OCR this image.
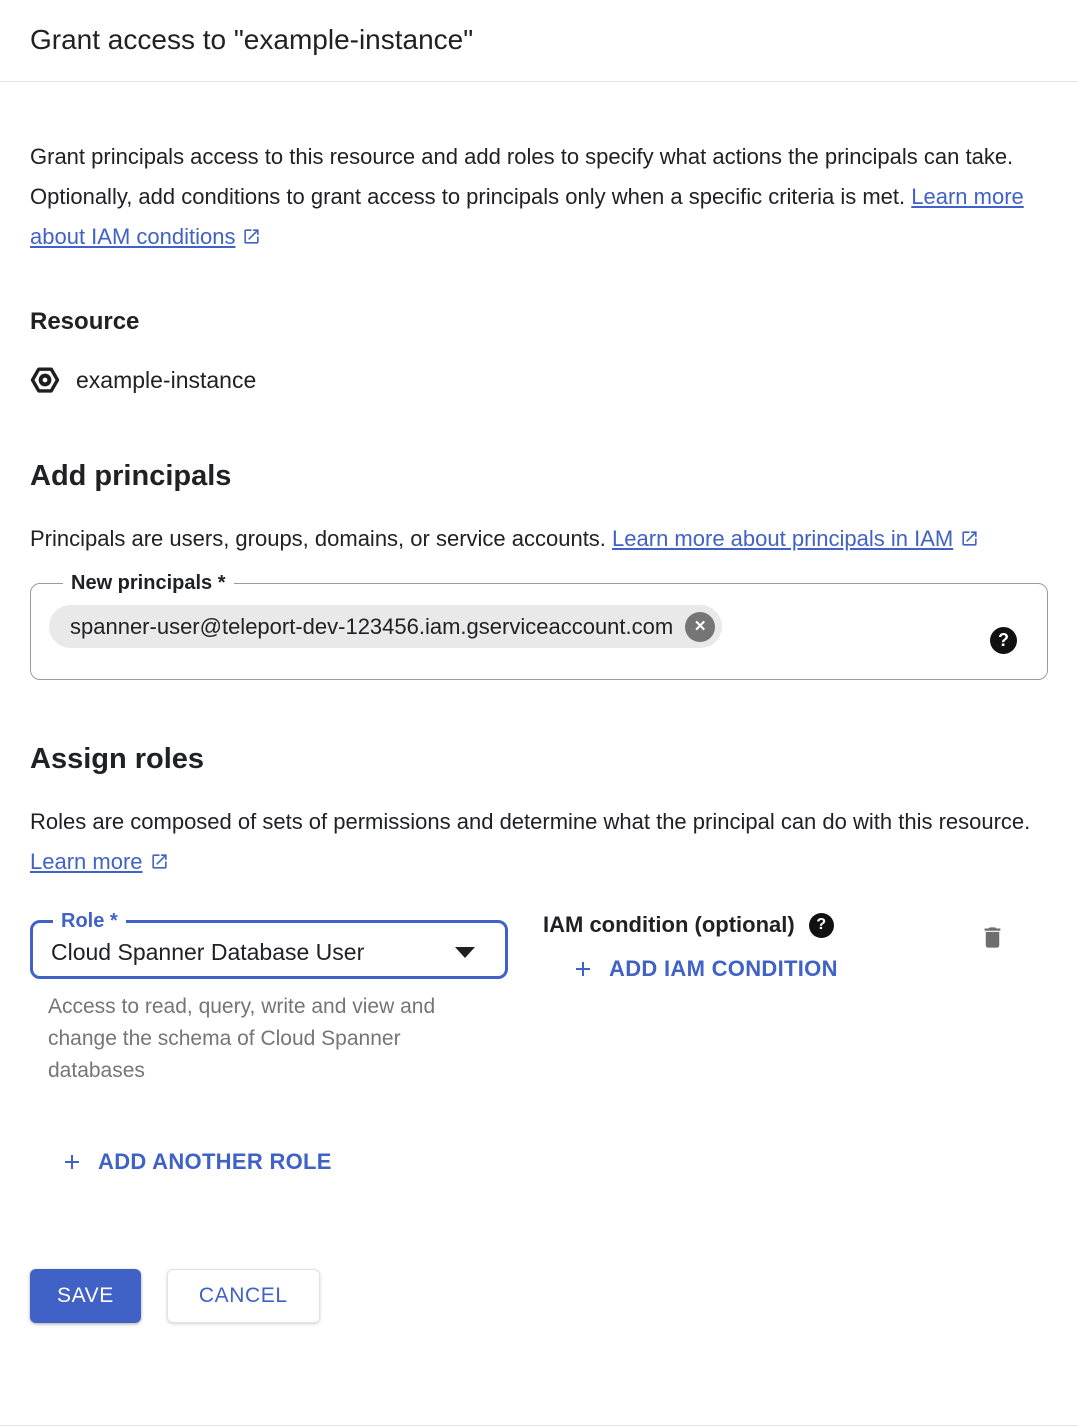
Grant access to "example-instance"

Grant principals access to this resource and add roles to specify what actions the principals can take. Optionally, add conditions to grant access to principals only when a specific criteria is met. Learn more about IAM conditions

Resource
example-instance
Add principals

Principals are users, groups, domains, or service accounts. Learn more about principals in IAM

New principals *
spanner-user@teleport-dev-123456.iam.gserviceaccount.com	✕
?
Assign roles

Roles are composed of sets of permissions and determine what the principal can do with this resource. Learn more

Role *
Cloud Spanner Database User

Access to read, query, write and view and change the schema of Cloud Spanner databases

ADD ANOTHER ROLE
IAM condition (optional)	?
ADD IAM CONDITION
SAVE	CANCEL
